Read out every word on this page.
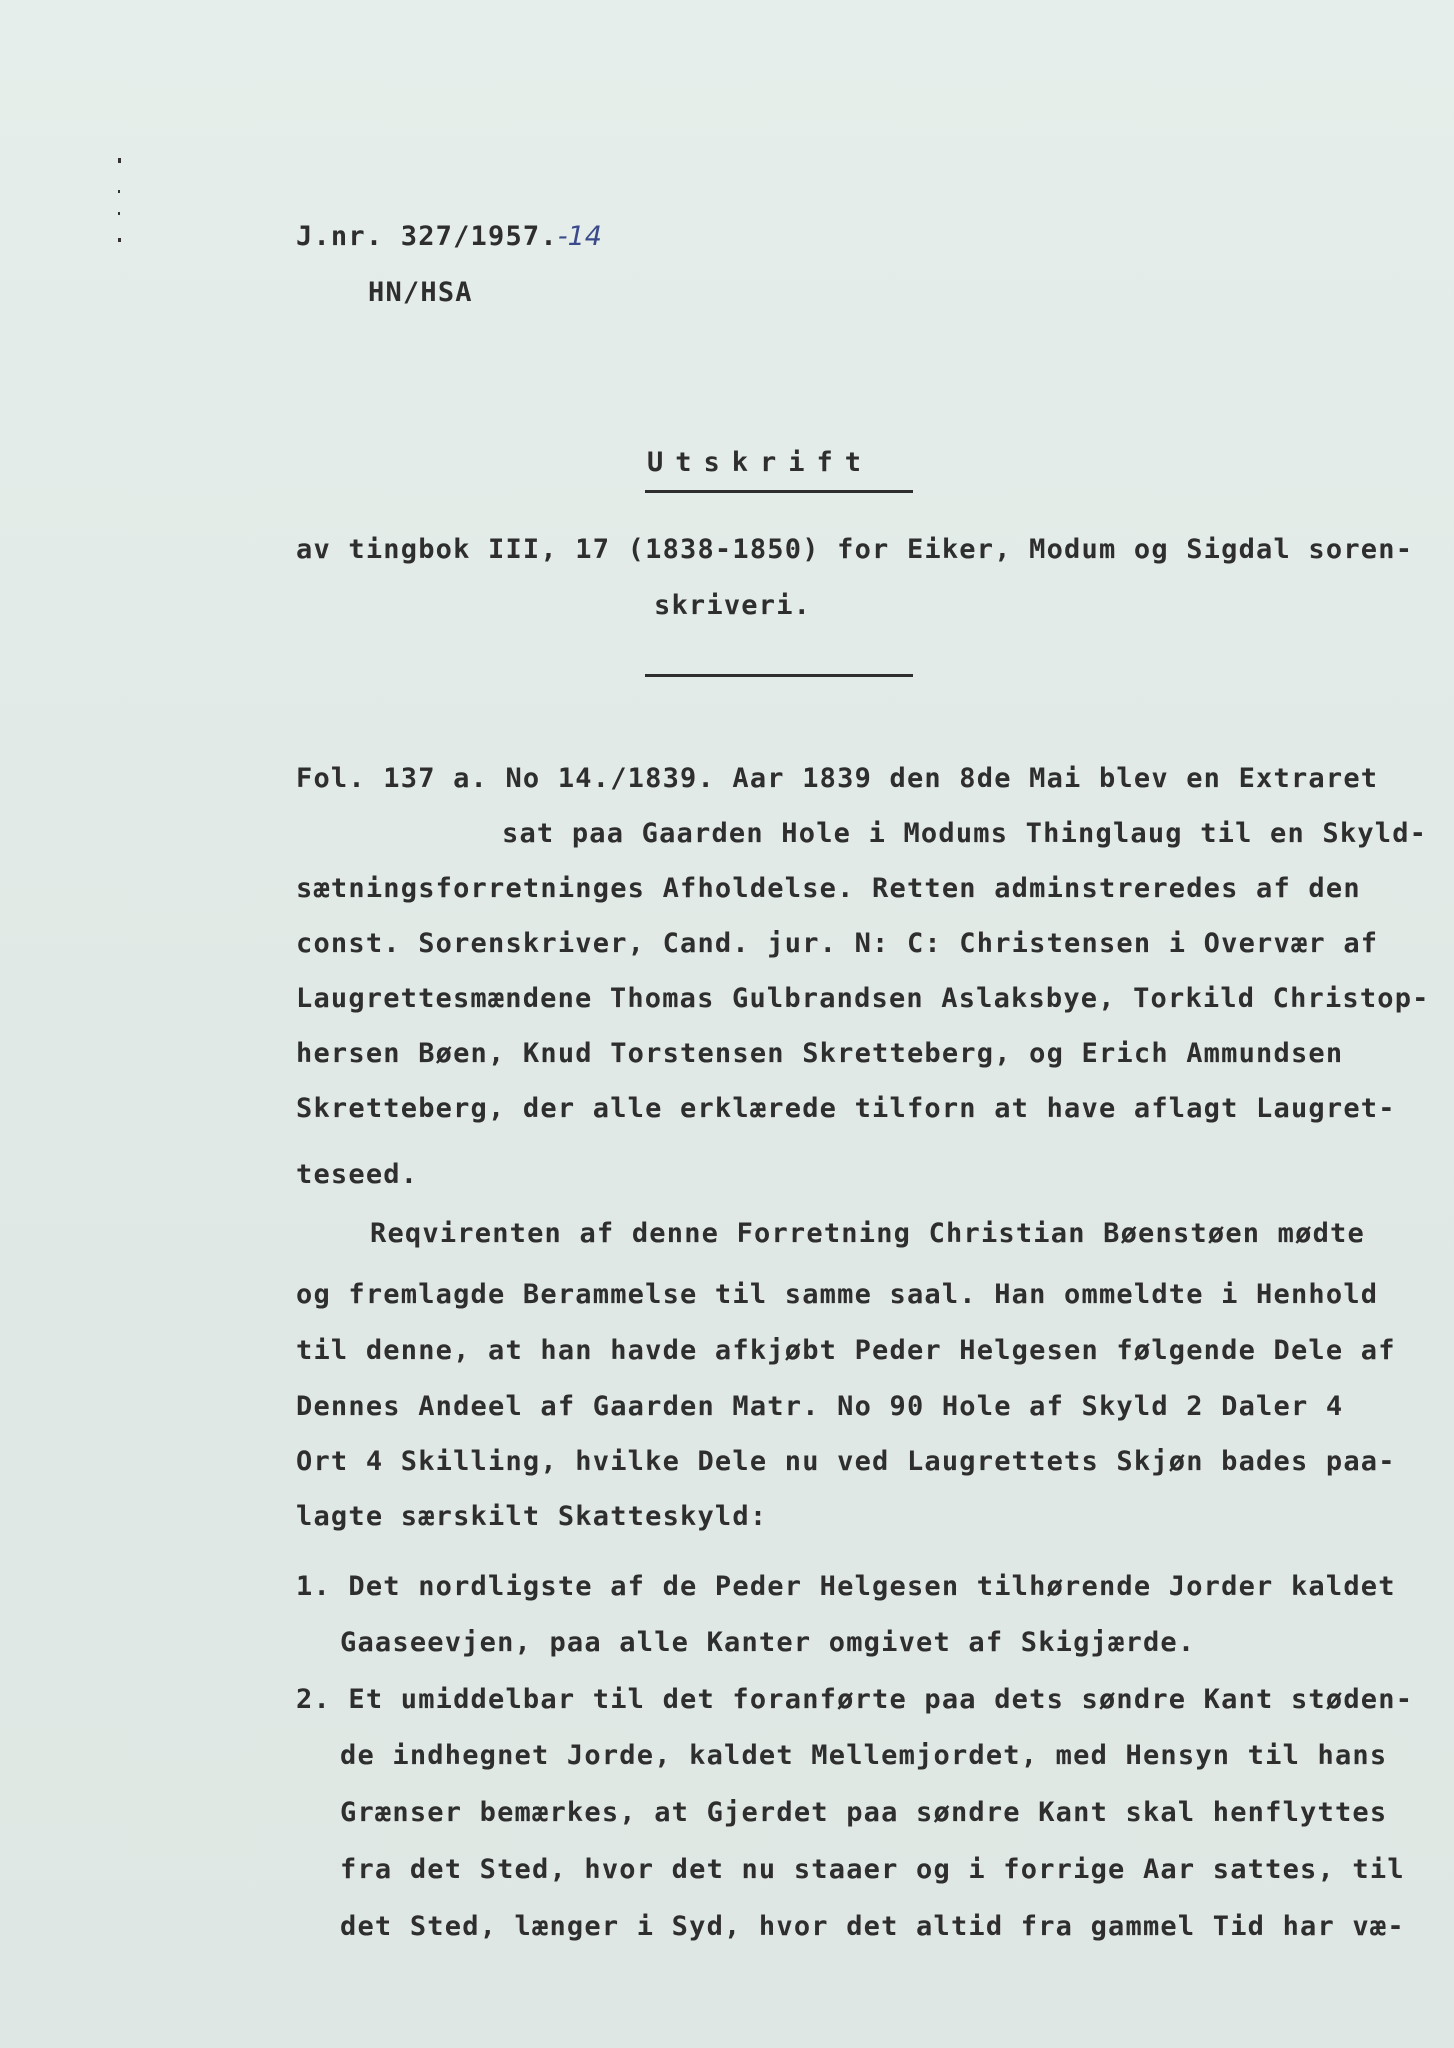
J.nr. 327/1957.-14
HN/HSA
Utskrift
av tingbok III, 17 (1838-1850) for Eiker, Modum og Sigdal soren-
skriveri.
Fol. 137 a. No 14./1839. Aar 1839 den 8de Mai blev en Extraret
sat paa Gaarden Hole i Modums Thinglaug til en Skyld-
sætningsforretninges Afholdelse. Retten adminstreredes af den
const. Sorenskriver, Cand. jur. N: C: Christensen i Overvær af
Laugrettesmændene Thomas Gulbrandsen Aslaksbye, Torkild Christop-
hersen Bøen, Knud Torstensen Skretteberg, og Erich Ammundsen
Skretteberg, der alle erklærede tilforn at have aflagt Laugret-
teseed.
Reqvirenten af denne Forretning Christian Bøenstøen mødte
og fremlagde Berammelse til samme saal. Han ommeldte i Henhold
til denne, at han havde afkjøbt Peder Helgesen følgende Dele af
Dennes Andeel af Gaarden Matr. No 90 Hole af Skyld 2 Daler 4
Ort 4 Skilling, hvilke Dele nu ved Laugrettets Skjøn bades paa-
lagte særskilt Skatteskyld:
1. Det nordligste af de Peder Helgesen tilhørende Jorder kaldet
Gaaseevjen, paa alle Kanter omgivet af Skigjærde.
2. Et umiddelbar til det foranførte paa dets søndre Kant støden-
de indhegnet Jorde, kaldet Mellemjordet, med Hensyn til hans
Grænser bemærkes, at Gjerdet paa søndre Kant skal henflyttes
fra det Sted, hvor det nu staaer og i forrige Aar sattes, til
det Sted, længer i Syd, hvor det altid fra gammel Tid har væ-
